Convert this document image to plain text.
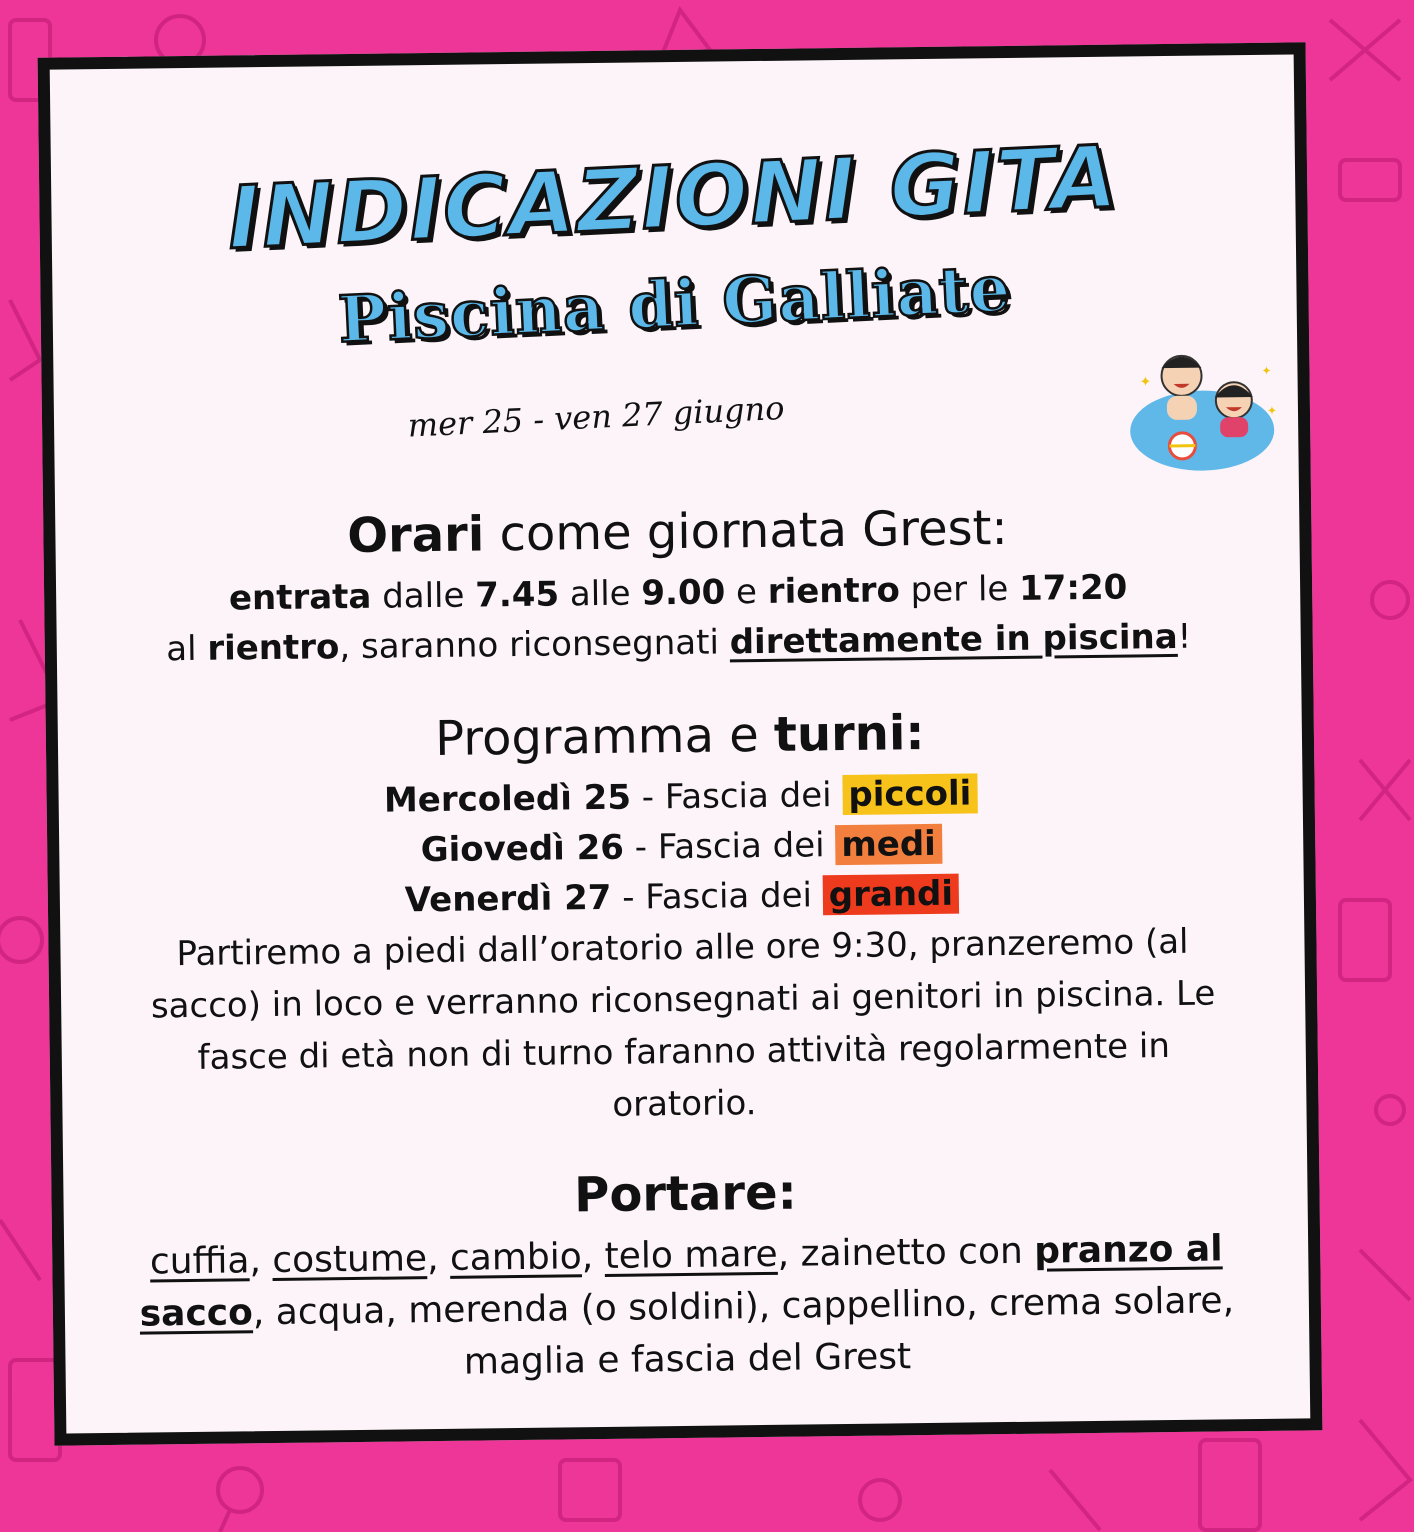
INDICAZIONI GITA
Piscina di Galliate
mer 25 - ven 27 giugno
✦
✦
✦
Orari come giornata Grest:
entrata dalle 7.45 alle 9.00 e rientro per le 17:20
al rientro, saranno riconsegnati direttamente in piscina!
Programma e turni:
Mercoledì 25 - Fascia dei piccoli
Giovedì 26 - Fascia dei medi
Venerdì 27 - Fascia dei grandi

Partiremo a piedi dall’oratorio alle ore 9:30, pranzeremo (al sacco) in loco e verranno riconsegnati ai genitori in piscina. Le fasce di età non di turno faranno attività regolarmente in oratorio.

Portare:

cuffia, costume, cambio, telo mare, zainetto con pranzo al sacco, acqua, merenda (o soldini), cappellino, crema solare, maglia e fascia del Grest
